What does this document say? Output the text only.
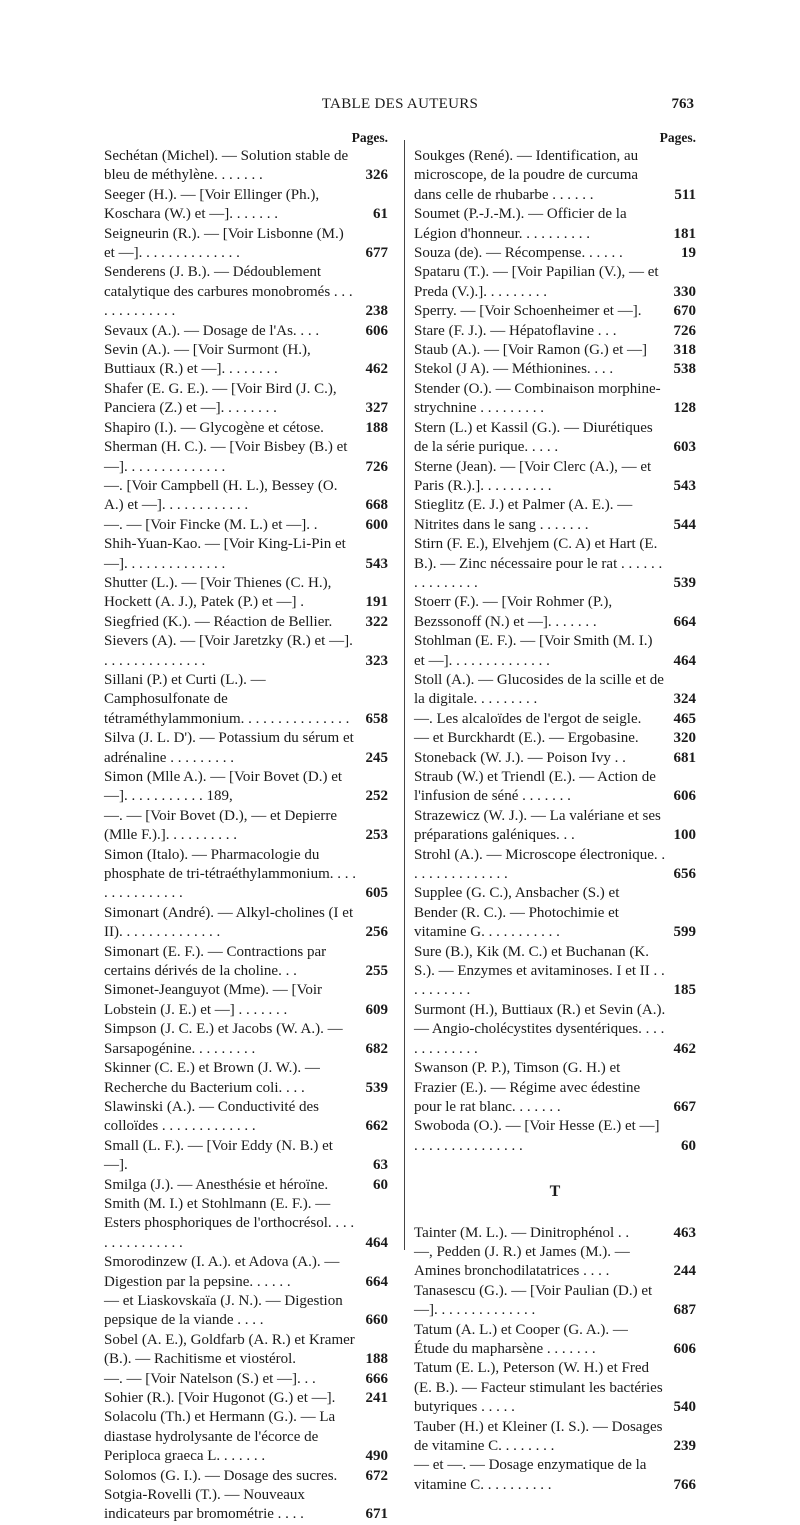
TABLE DES AUTEURS	763
Pages.
Sechétan (Michel). — Solution stable de bleu de méthylène. . . . . . .	326
Seeger (H.). — [Voir Ellinger (Ph.), Koschara (W.) et —]. . . . . . .	61
Seigneurin (R.). — [Voir Lisbonne (M.) et —]. . . . . . . . . . . . . .	677
Senderens (J. B.). — Dédoublement catalytique des carbures monobromés . . . . . . . . . . . . .	238
Sevaux (A.). — Dosage de l'As. . . .	606
Sevin (A.). — [Voir Surmont (H.), Buttiaux (R.) et —]. . . . . . . .	462
Shafer (E. G. E.). — [Voir Bird (J. C.), Panciera (Z.) et —]. . . . . . . .	327
Shapiro (I.). — Glycogène et cétose.	188
Sherman (H. C.). — [Voir Bisbey (B.) et —]. . . . . . . . . . . . . .	726
—. [Voir Campbell (H. L.), Bessey (O. A.) et —]. . . . . . . . . . . .	668
—. — [Voir Fincke (M. L.) et —]. .	600
Shih-Yuan-Kao. — [Voir King-Li-Pin et —]. . . . . . . . . . . . . .	543
Shutter (L.). — [Voir Thienes (C. H.), Hockett (A. J.), Patek (P.) et —] .	191
Siegfried (K.). — Réaction de Bellier.	322
Sievers (A). — [Voir Jaretzky (R.) et —]. . . . . . . . . . . . . . .	323
Sillani (P.) et Curti (L.). — Camphosulfonate de tétraméthylammonium. . . . . . . . . . . . . . .	658
Silva (J. L. D'). — Potassium du sérum et adrénaline . . . . . . . . .	245
Simon (Mlle A.). — [Voir Bovet (D.) et —]. . . . . . . . . . . 189,	252
—. — [Voir Bovet (D.), — et Depierre (Mlle F.).]. . . . . . . . . .	253
Simon (Italo). — Pharmacologie du phosphate de tri-tétraéthylammonium. . . . . . . . . . . . . . .	605
Simonart (André). — Alkyl-cholines (I et II). . . . . . . . . . . . . .	256
Simonart (E. F.). — Contractions par certains dérivés de la choline. . .	255
Simonet-Jeanguyot (Mme). — [Voir Lobstein (J. E.) et —] . . . . . . .	609
Simpson (J. C. E.) et Jacobs (W. A.). — Sarsapogénine. . . . . . . . .	682
Skinner (C. E.) et Brown (J. W.). — Recherche du Bacterium coli. . . .	539
Slawinski (A.). — Conductivité des colloïdes . . . . . . . . . . . . .	662
Small (L. F.). — [Voir Eddy (N. B.) et —].	63
Smilga (J.). — Anesthésie et héroïne.	60
Smith (M. I.) et Stohlmann (E. F.). — Esters phosphoriques de l'orthocrésol. . . . . . . . . . . . . . .	464
Smorodinzew (I. A.). et Adova (A.). — Digestion par la pepsine. . . . . .	664
— et Liaskovskaïa (J. N.). — Digestion pepsique de la viande . . . .	660
Sobel (A. E.), Goldfarb (A. R.) et Kramer (B.). — Rachitisme et viostérol.	188
—. — [Voir Natelson (S.) et —]. . .	666
Sohier (R.). [Voir Hugonot (G.) et —].	241
Solacolu (Th.) et Hermann (G.). — La diastase hydrolysante de l'écorce de Periploca graeca L. . . . . . .	490
Solomos (G. I.). — Dosage des sucres.	672
Sotgia-Rovelli (T.). — Nouveaux indicateurs par bromométrie . . . .	671
Pages.
Soukges (René). — Identification, au microscope, de la poudre de curcuma dans celle de rhubarbe . . . . . .	511
Soumet (P.-J.-M.). — Officier de la Légion d'honneur. . . . . . . . . .	181
Souza (de). — Récompense. . . . . .	19
Spataru (T.). — [Voir Papilian (V.), — et Preda (V.).]. . . . . . . . .	330
Sperry. — [Voir Schoenheimer et —].	670
Stare (F. J.). — Hépatoflavine . . .	726
Staub (A.). — [Voir Ramon (G.) et —]	318
Stekol (J A). — Méthionines. . . .	538
Stender (O.). — Combinaison morphine-strychnine . . . . . . . . .	128
Stern (L.) et Kassil (G.). — Diurétiques de la série purique. . . . .	603
Sterne (Jean). — [Voir Clerc (A.), — et Paris (R.).]. . . . . . . . . .	543
Stieglitz (E. J.) et Palmer (A. E.). — Nitrites dans le sang . . . . . . .	544
Stirn (F. E.), Elvehjem (C. A) et Hart (E. B.). — Zinc nécessaire pour le rat . . . . . . . . . . . . . . .	539
Stoerr (F.). — [Voir Rohmer (P.), Bezssonoff (N.) et —]. . . . . . .	664
Stohlman (E. F.). — [Voir Smith (M. I.) et —]. . . . . . . . . . . . . .	464
Stoll (A.). — Glucosides de la scille et de la digitale. . . . . . . . .	324
—. Les alcaloïdes de l'ergot de seigle.	465
— et Burckhardt (E.). — Ergobasine.	320
Stoneback (W. J.). — Poison Ivy . .	681
Straub (W.) et Triendl (E.). — Action de l'infusion de séné . . . . . . .	606
Strazewicz (W. J.). — La valériane et ses préparations galéniques. . .	100
Strohl (A.). — Microscope électronique. . . . . . . . . . . . . . .	656
Supplee (G. C.), Ansbacher (S.) et Bender (R. C.). — Photochimie et vitamine G. . . . . . . . . . .	599
Sure (B.), Kik (M. C.) et Buchanan (K. S.). — Enzymes et avitaminoses. I et II . . . . . . . . . .	185
Surmont (H.), Buttiaux (R.) et Sevin (A.). — Angio-cholécystites dysentériques. . . . . . . . . . . . .	462
Swanson (P. P.), Timson (G. H.) et Frazier (E.). — Régime avec édestine pour le rat blanc. . . . . . .	667
Swoboda (O.). — [Voir Hesse (E.) et —] . . . . . . . . . . . . . . .	60
T
Tainter (M. L.). — Dinitrophénol . .	463
—, Pedden (J. R.) et James (M.). — Amines bronchodilatatrices . . . .	244
Tanasescu (G.). — [Voir Paulian (D.) et —]. . . . . . . . . . . . . .	687
Tatum (A. L.) et Cooper (G. A.). — Étude du mapharsène . . . . . . .	606
Tatum (E. L.), Peterson (W. H.) et Fred (E. B.). — Facteur stimulant les bactéries butyriques . . . . .	540
Tauber (H.) et Kleiner (I. S.). — Dosages de vitamine C. . . . . . . .	239
— et —. — Dosage enzymatique de la vitamine C. . . . . . . . . .	766
